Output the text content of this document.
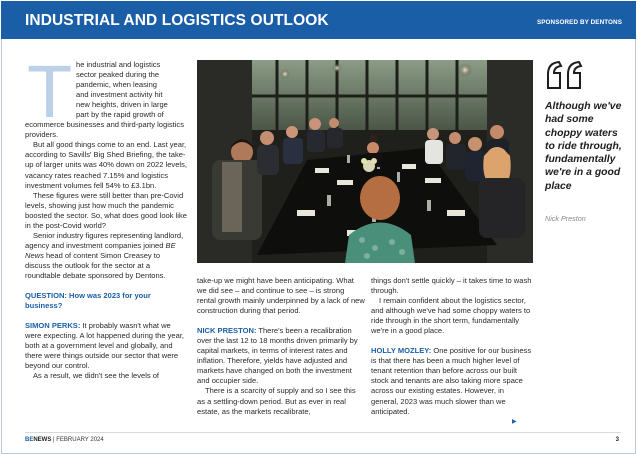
INDUSTRIAL AND LOGISTICS OUTLOOK	SPONSORED BY DENTONS
T he industrial and logistics
sector peaked during the
pandemic, when leasing
and investment activity hit
new heights, driven in large
part by the rapid growth of

ecommerce businesses and third-party logistics providers.

But all good things come to an end. Last year, according to Savills' Big Shed Briefing, the take-up of larger units was 40% down on 2022 levels, vacancy rates reached 7.15% and logistics investment volumes fell 54% to £3.1bn.

These figures were still better than pre-Covid levels, showing just how much the pandemic boosted the sector. So, what does good look like in the post-Covid world?

Senior industry figures representing landlord, agency and investment companies joined BE News head of content Simon Creasey to discuss the outlook for the sector at a roundtable debate sponsored by Dentons.

QUESTION: How was 2023 for your business?

SIMON PERKS: It probably wasn't what we were expecting. A lot happened during the year, both at a government level and globally, and there were things outside our sector that were beyond our control.

As a result, we didn't see the levels of

take-up we might have been anticipating. What we did see – and continue to see – is strong rental growth mainly underpinned by a lack of new construction during that period.

NICK PRESTON: There's been a recalibration over the last 12 to 18 months driven primarily by capital markets, in terms of interest rates and inflation. Therefore, yields have adjusted and markets have changed on both the investment and occupier side.

There is a scarcity of supply and so I see this as a settling-down period. But as ever in real estate, as the markets recalibrate,

things don't settle quickly – it takes time to wash through.

I remain confident about the logistics sector, and although we've had some choppy waters to ride through in the short term, fundamentally we're in a good place.

HOLLY MOZLEY: One positive for our business is that there has been a much higher level of tenant retention than before across our built stock and tenants are also taking more space across our existing estates. However, in general, 2023 was much slower than we anticipated.

▶
Although we've had some choppy waters to ride through, fundamentally we're in a good place
Nick Preston
BENEWS | FEBRUARY 2024	3
